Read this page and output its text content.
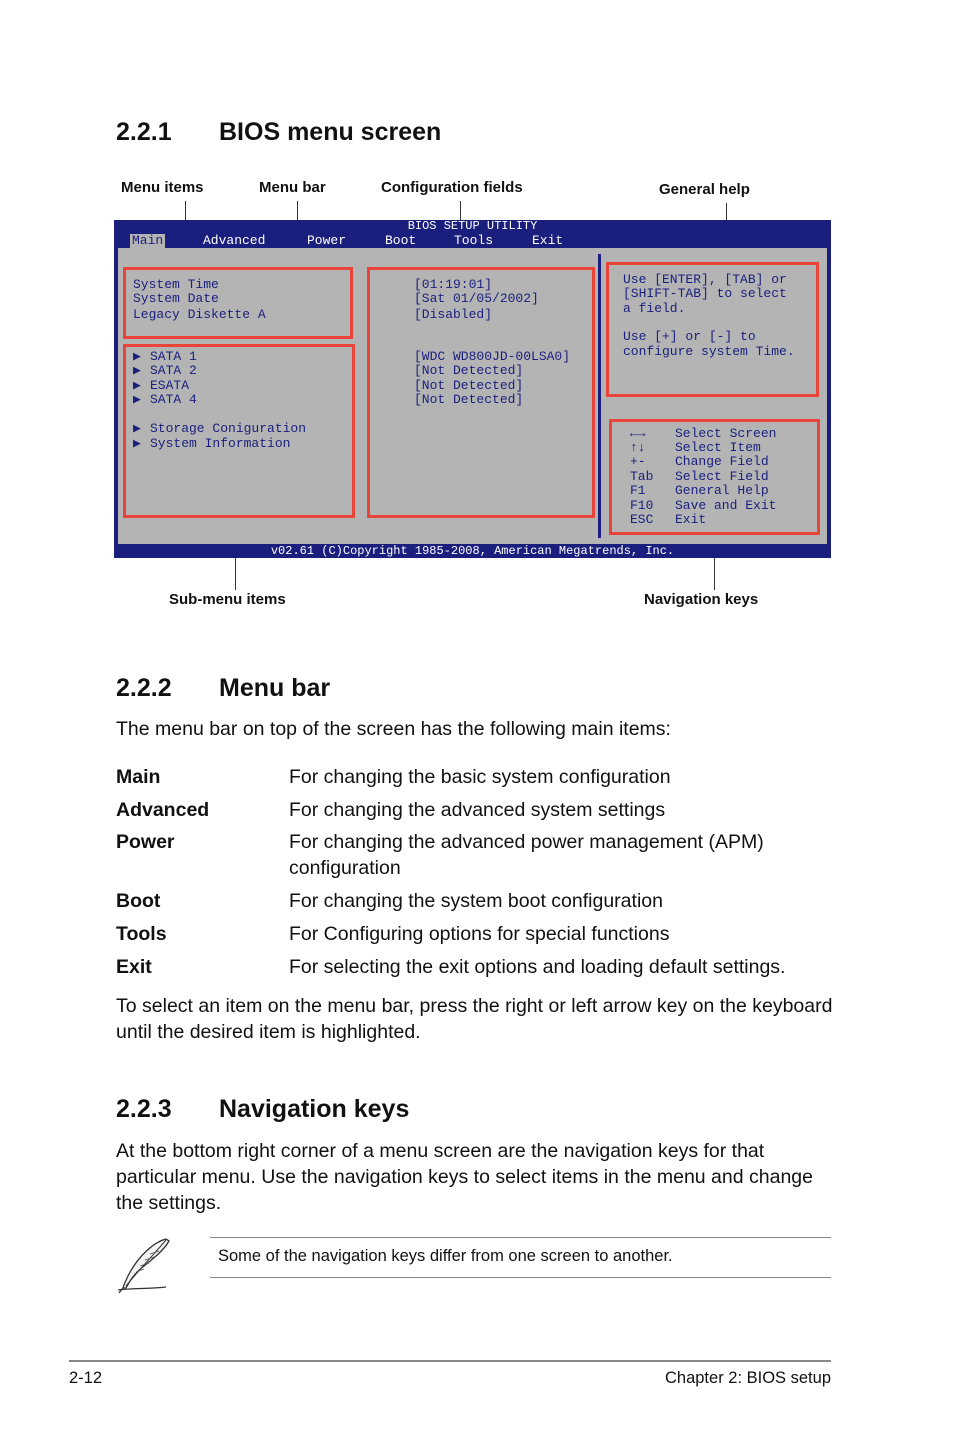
2.2.1 BIOS menu screen
Menu items	Menu bar	Configuration fields	General help
Sub-menu items	Navigation keys
BIOS SETUP UTILITY
Main	Advanced	Power	Boot	Tools	Exit
System Time
System Date
Legacy Diskette A
▶ SATA 1
▶ SATA 2
▶ ESATA
▶ SATA 4
▶ Storage Coniguration
▶ System Information
[01:19:01]
[Sat 01/05/2002]
[Disabled]
[WDC WD800JD-00LSA0]
[Not Detected]
[Not Detected]
[Not Detected]
Use [ENTER], [TAB] or
[SHIFT-TAB] to select
a field.
Use [+] or [-] to
configure system Time.
←→ Select Screen
↑↓ Select Item
+- Change Field
Tab Select Field
F1 General Help
F10 Save and Exit
ESC Exit
v02.61 (C)Copyright 1985-2008, American Megatrends, Inc.
2.2.2 Menu bar

The menu bar on top of the screen has the following main items:

Main	For changing the basic system configuration
Advanced	For changing the advanced system settings
Power	For changing the advanced power management (APM) configuration
Boot	For changing the system boot configuration
Tools	For Configuring options for special functions
Exit	For selecting the exit options and loading default settings.

To select an item on the menu bar, press the right or left arrow key on the keyboard until the desired item is highlighted.

2.2.3 Navigation keys

At the bottom right corner of a menu screen are the navigation keys for that particular menu. Use the navigation keys to select items in the menu and change the settings.

Some of the navigation keys differ from one screen to another.
2-12	Chapter 2: BIOS setup
